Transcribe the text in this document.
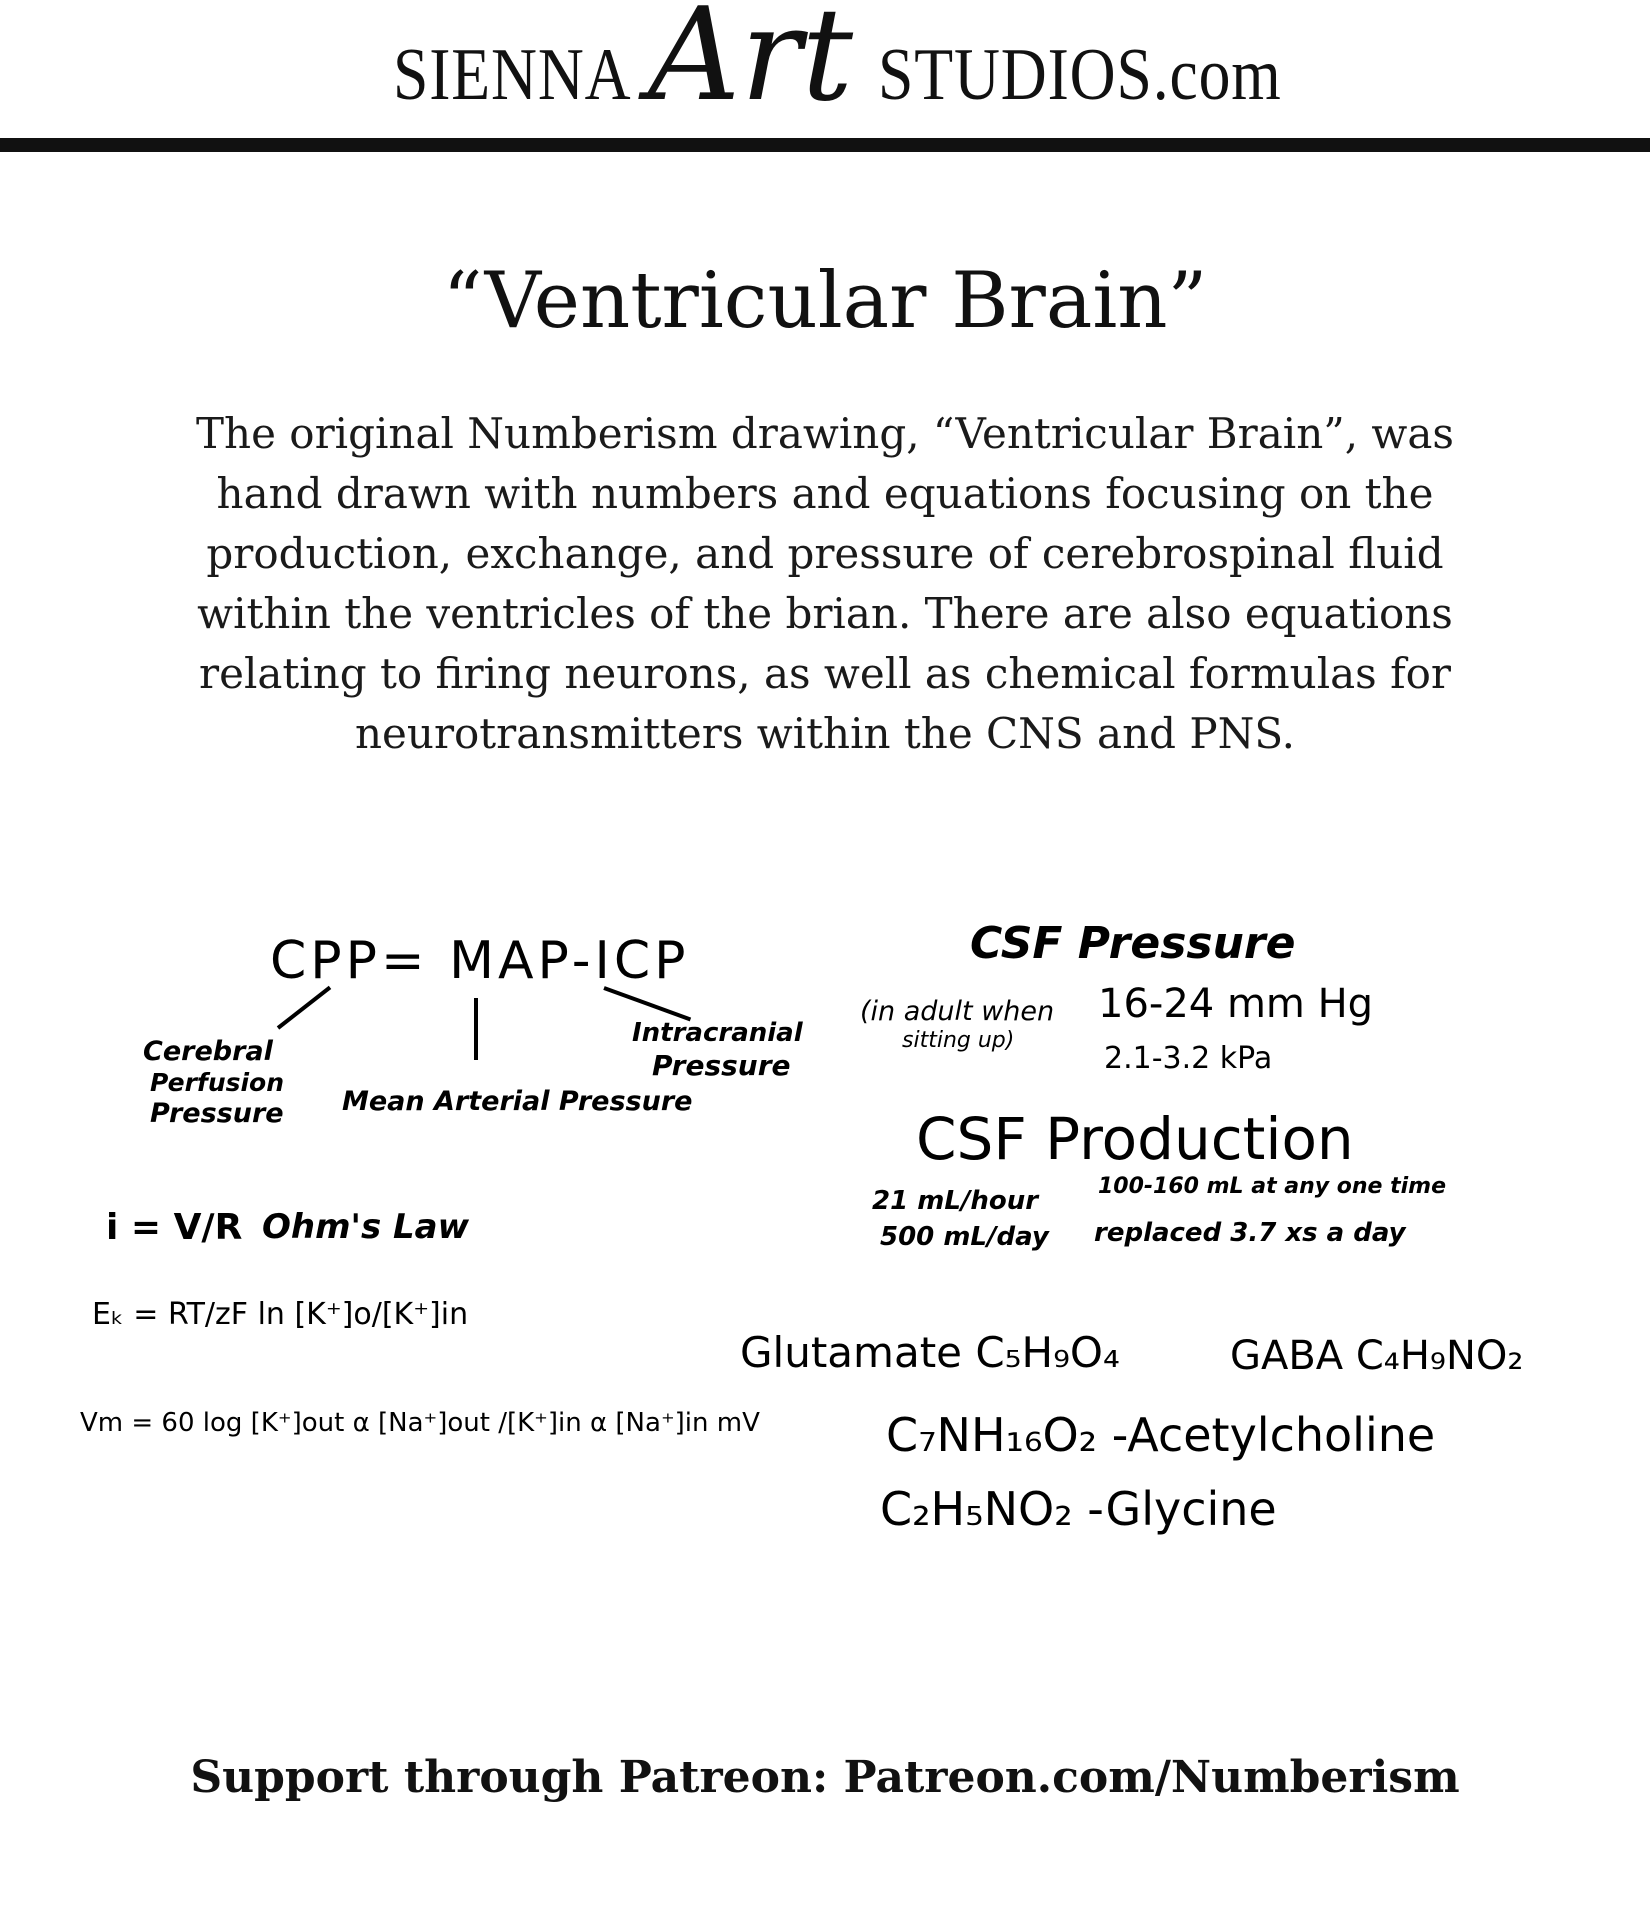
SIENNA Art STUDIOS.com
“Ventricular Brain”
The original Numberism drawing, “Ventricular Brain”, was hand drawn with numbers and equations focusing on the production, exchange, and pressure of cerebrospinal fluid within the ventricles of the brian. There are also equations relating to firing neurons, as well as chemical formulas for neurotransmitters within the CNS and PNS.
CPP= MAP-ICP
Cerebral
Perfusion
Pressure Mean Arterial Pressure
Intracranial
Pressure
i = V/R Ohm's Law
Eₖ = RT/zF ln [K⁺]o/[K⁺]in
Vm = 60 log [K⁺]out α [Na⁺]out /[K⁺]in α [Na⁺]in mV
CSF Pressure
(in adult when
sitting up)
16-24 mm Hg
2.1-3.2 kPa
CSF Production
21 mL/hour
500 mL/day
100-160 mL at any one time
replaced 3.7 xs a day
Glutamate C₅H₉O₄	GABA C₄H₉NO₂
C₇NH₁₆O₂ -Acetylcholine
C₂H₅NO₂ -Glycine
Support through Patreon: Patreon.com/Numberism
